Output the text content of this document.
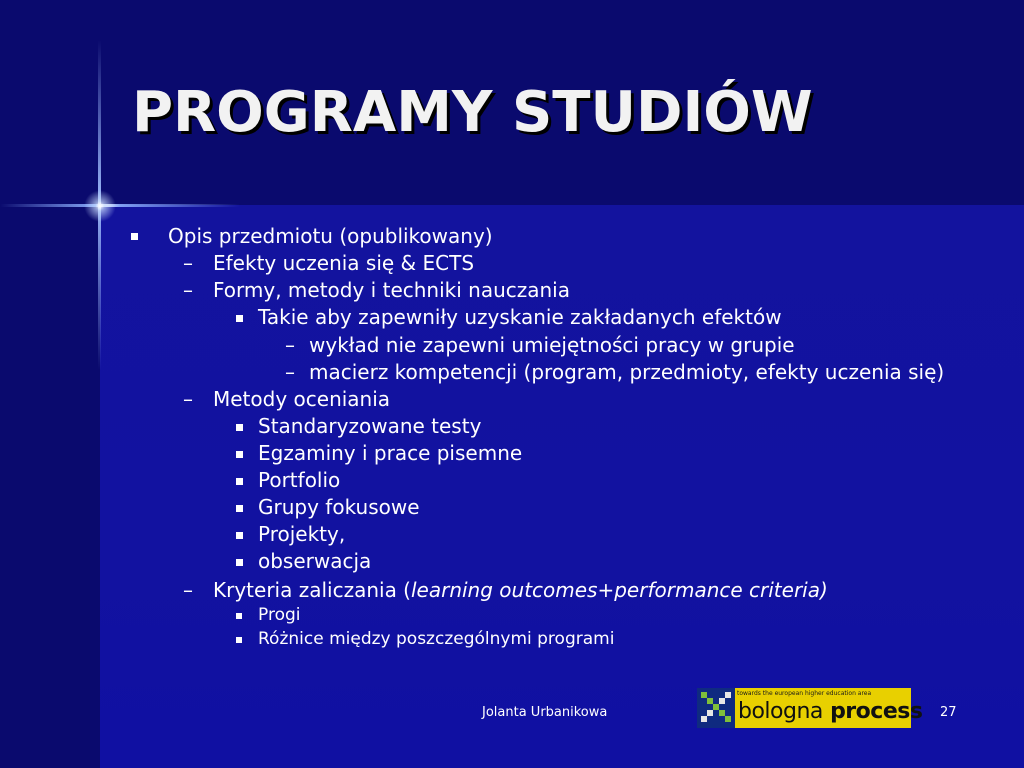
PROGRAMY STUDIÓW
Opis przedmiotu (opublikowany)
– Efekty uczenia się & ECTS
– Formy, metody i techniki nauczania
Takie aby zapewniły uzyskanie zakładanych efektów
– wykład nie zapewni umiejętności pracy w grupie
– macierz kompetencji (program, przedmioty, efekty uczenia się)
– Metody oceniania
Standaryzowane testy
Egzaminy i prace pisemne
Portfolio
Grupy fokusowe
Projekty,
obserwacja
– Kryteria zaliczania (learning outcomes+performance criteria)
Progi
Różnice między poszczególnymi programi
Jolanta Urbanikowa
towards the european higher education area
bologna process 27
